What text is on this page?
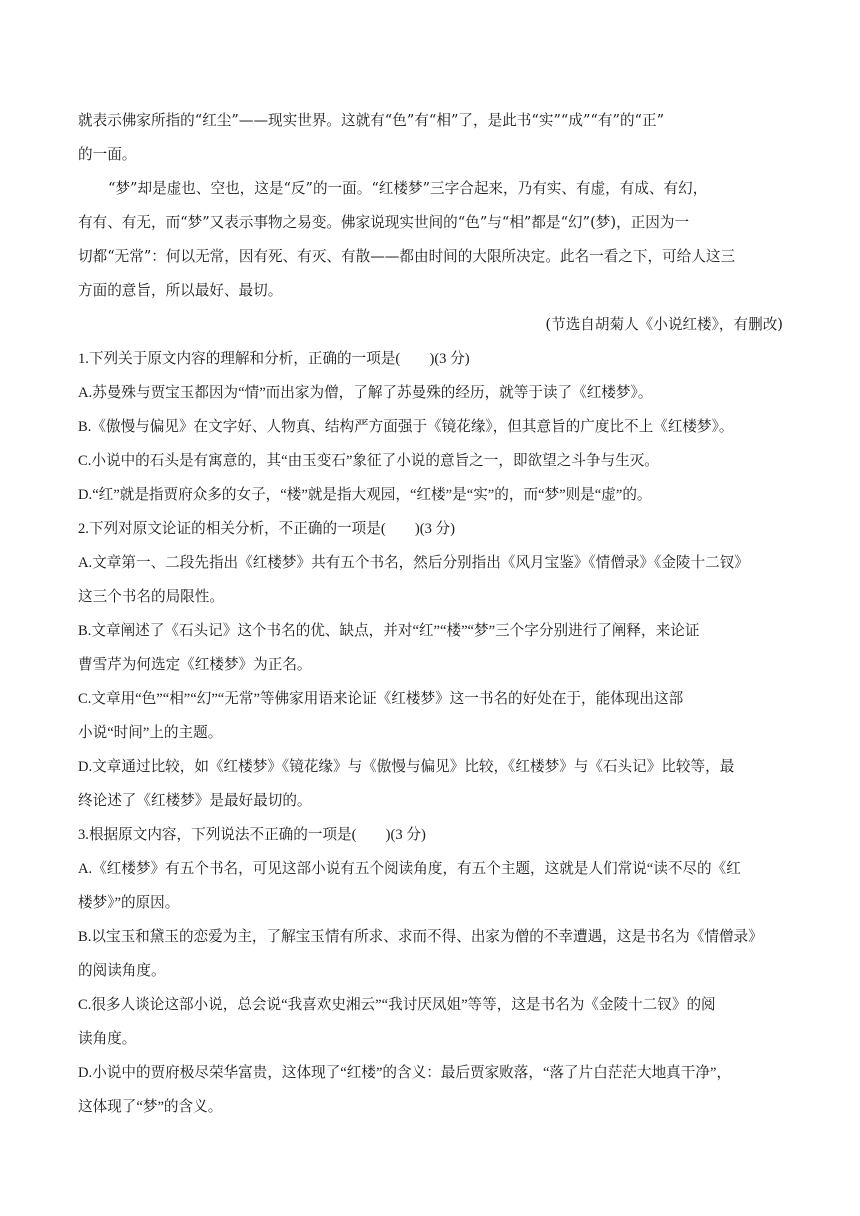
就表示佛家所指的“红尘”——现实世界。这就有“色”有“相”了，是此书“实”“成”“有”的“正”
的一面。
“梦”却是虚也、空也，这是“反”的一面。“红楼梦”三字合起来，乃有实、有虚，有成、有幻，
有有、有无，而“梦”又表示事物之易变。佛家说现实世间的“色”与“相”都是“幻”(梦)，正因为一
切都“无常”：何以无常，因有死、有灭、有散——都由时间的大限所决定。此名一看之下，可给人这三
方面的意旨，所以最好、最切。
(节选自胡菊人《小说红楼》，有删改)
1.下列关于原文内容的理解和分析，正确的一项是(　　)(3 分)
A.苏曼殊与贾宝玉都因为“情”而出家为僧，了解了苏曼殊的经历，就等于读了《红楼梦》。
B.《傲慢与偏见》在文字好、人物真、结构严方面强于《镜花缘》，但其意旨的广度比不上《红楼梦》。
C.小说中的石头是有寓意的，其“由玉变石”象征了小说的意旨之一，即欲望之斗争与生灭。
D.“红”就是指贾府众多的女子，“楼”就是指大观园，“红楼”是“实”的，而“梦”则是“虚”的。
2.下列对原文论证的相关分析，不正确的一项是(　　)(3 分)
A.文章第一、二段先指出《红楼梦》共有五个书名，然后分别指出《风月宝鉴》《情僧录》《金陵十二钗》
这三个书名的局限性。
B.文章阐述了《石头记》这个书名的优、缺点，并对“红”“楼”“梦”三个字分别进行了阐释，来论证
曹雪芹为何选定《红楼梦》为正名。
C.文章用“色”“相”“幻”“无常”等佛家用语来论证《红楼梦》这一书名的好处在于，能体现出这部
小说“时间”上的主题。
D.文章通过比较，如《红楼梦》《镜花缘》与《傲慢与偏见》比较，《红楼梦》与《石头记》比较等，最
终论述了《红楼梦》是最好最切的。
3.根据原文内容，下列说法不正确的一项是(　　)(3 分)
A.《红楼梦》有五个书名，可见这部小说有五个阅读角度，有五个主题，这就是人们常说“读不尽的《红
楼梦》”的原因。
B.以宝玉和黛玉的恋爱为主，了解宝玉情有所求、求而不得、出家为僧的不幸遭遇，这是书名为《情僧录》
的阅读角度。
C.很多人谈论这部小说，总会说“我喜欢史湘云”“我讨厌凤姐”等等，这是书名为《金陵十二钗》的阅
读角度。
D.小说中的贾府极尽荣华富贵，这体现了“红楼”的含义：最后贾家败落，“落了片白茫茫大地真干净”，
这体现了“梦”的含义。
